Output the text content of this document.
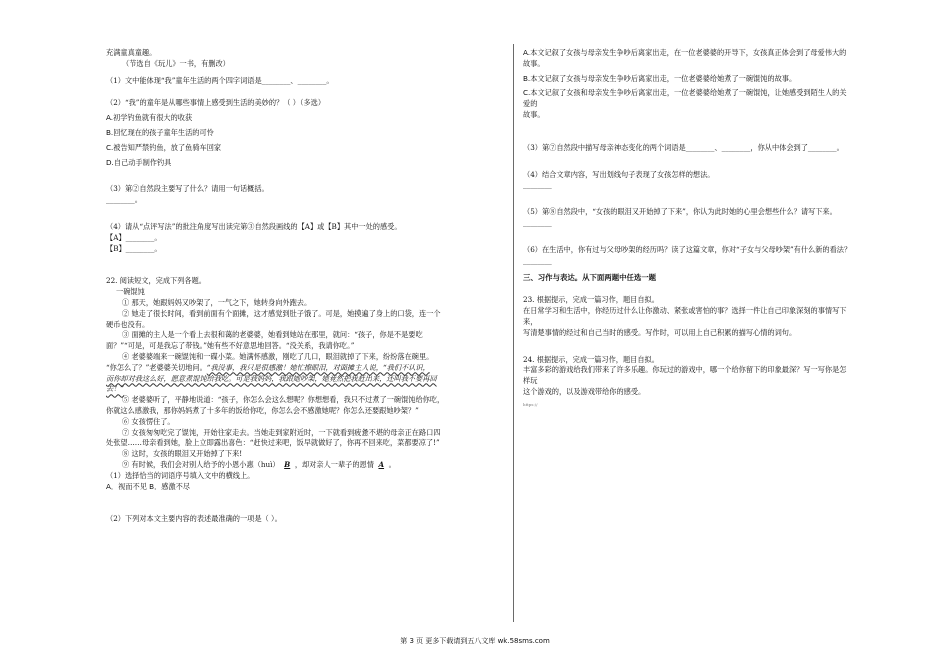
充满童真童趣。

（节选自《玩儿》一书，有删改）

（1）文中能体现“我”童年生活的两个四字词语是________、________。

（2）“我”的童年是从哪些事情上感受到生活的美妙的？（ ）（多选）

A.初学钓鱼就有很大的收获

B.回忆现在的孩子童年生活的可怜

C.被告知严禁钓鱼，放了鱼骑车回家

D.自己动手制作钓具

（3）第②自然段主要写了什么？请用一句话概括。

________。

（4）请从“点评写法”的批注角度写出读完第③自然段画线的【A】或【B】其中一处的感受。

【A】________。

【B】________。

22. 阅读短文，完成下列各题。

一碗馄饨

① 那天，她跟妈妈又吵架了，一气之下，她转身向外跑去。

② 她走了很长时间，看到前面有个面摊，这才感觉到肚子饿了。可是，她摸遍了身上的口袋，连一个

硬币也没有。

③ 面摊的主人是一个看上去很和蔼的老婆婆，她看到她站在那里，就问：“孩子，你是不是要吃

面？”“可是，可是我忘了带钱。”她有些不好意思地回答。“没关系，我请你吃。”

④ 老婆婆端来一碗馄饨和一碟小菜。她满怀感激，刚吃了几口，眼泪就掉了下来，纷纷落在碗里。

“你怎么了？”老婆婆关切地问。“我没事，我只是很感激！她忙擦眼泪，对面摊主人说，“我们不认识，

而你却对我这么好，愿意煮馄饨给我吃。可是我妈妈，我跟她吵架，她竟然把我赶出来，还叫我不要再回

去！”

⑤ 老婆婆听了，平静地说道：“孩子，你怎么会这么想呢？你想想看，我只不过煮了一碗馄饨给你吃，

你就这么感激我，那你妈妈煮了十多年的饭给你吃，你怎么会不感激她呢？你怎么还要跟她吵架？”

⑥ 女孩愣住了。

⑦ 女孩匆匆吃完了馄饨，开始往家走去。当她走到家附近时，一下就看到疲惫不堪的母亲正在路口四

处张望……母亲看到她，脸上立即露出喜色：“赶快过来吧，饭早就做好了，你再不回来吃，菜都要凉了!”

⑧ 这时，女孩的眼泪又开始掉了下来!

⑨ 有时候，我们会对别人给予的小恩小惠（huì） B ，却对亲人一辈子的恩情 A 。

（1）选择恰当的词语序号填入文中的横线上。

A．视而不见 B．感激不尽

（2）下列对本文主要内容的表述最准确的一项是（ ）。

A.本文记叙了女孩与母亲发生争吵后离家出走，在一位老婆婆的开导下，女孩真正体会到了母爱伟大的故事。

B.本文记叙了女孩与母亲发生争吵后离家出走，一位老婆婆给她煮了一碗馄饨的故事。

C.本文记叙了女孩和母亲发生争吵后离家出走，一位老婆婆给她煮了一碗馄饨，让她感受到陌生人的关爱的

故事。

（3）第⑦自然段中描写母亲神态变化的两个词语是________、________，你从中体会到了________。

（4）结合文章内容，写出划线句子表现了女孩怎样的想法。

________

（5）第⑧自然段中，“女孩的眼泪又开始掉了下来”，你认为此时她的心里会想些什么？请写下来。

________

（6）在生活中，你有过与父母吵架的经历吗？读了这篇文章，你对“子女与父母吵架”有什么新的看法？

________

三、习作与表达。从下面两题中任选一题

23. 根据提示，完成一篇习作，题目自拟。

在日常学习和生活中，你经历过什么让你激动、紧张或害怕的事？选择一件让自己印象深刻的事情写下来，

写清楚事情的经过和自己当时的感受。写作时，可以用上自己积累的描写心情的词句。

24. 根据提示，完成一篇习作，题目自拟。

丰富多彩的游戏给我们带来了许多乐趣。你玩过的游戏中，哪一个给你留下的印象最深？写一写你是怎样玩

这个游戏的，以及游戏带给你的感受。

https://

第 3 页 更多下载请到五八文库 wk.58sms.com
